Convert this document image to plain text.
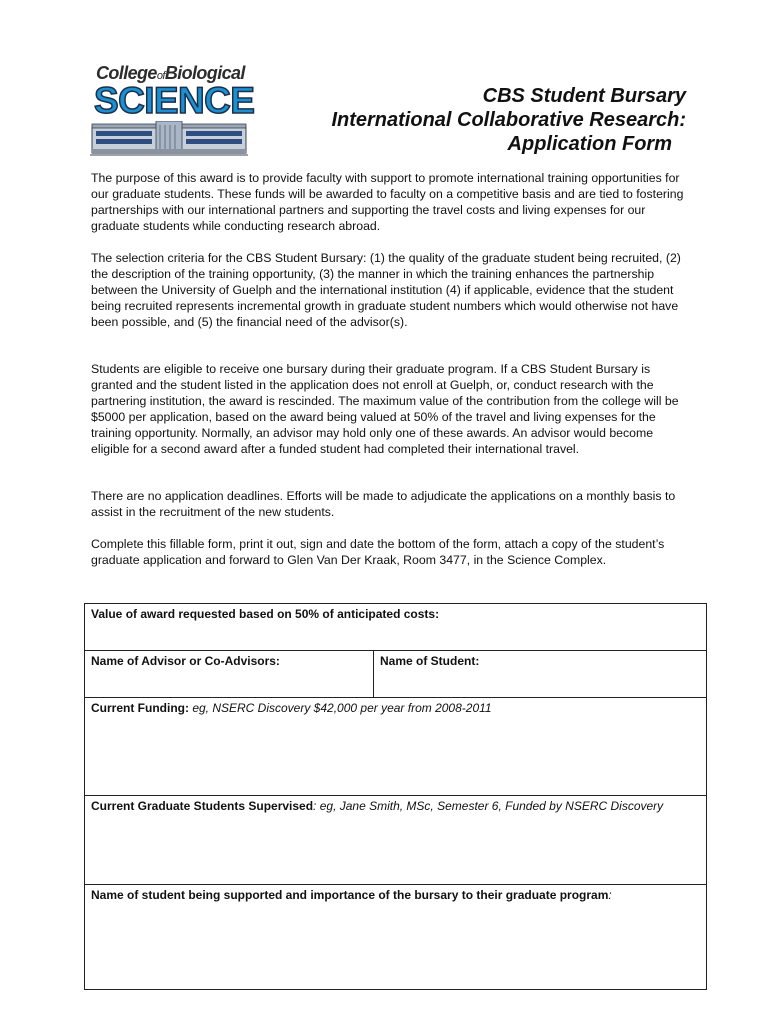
CollegeofBiological
SCIENCE	CBS Student Bursary
International Collaborative Research:
Application Form
The purpose of this award is to provide faculty with support to promote international training opportunities for our graduate students. These funds will be awarded to faculty on a competitive basis and are tied to fostering partnerships with our international partners and supporting the travel costs and living expenses for our graduate students while conducting research abroad.
The selection criteria for the CBS Student Bursary: (1) the quality of the graduate student being recruited, (2) the description of the training opportunity, (3) the manner in which the training enhances the partnership between the University of Guelph and the international institution (4) if applicable, evidence that the student being recruited represents incremental growth in graduate student numbers which would otherwise not have been possible, and (5) the financial need of the advisor(s).
Students are eligible to receive one bursary during their graduate program. If a CBS Student Bursary is granted and the student listed in the application does not enroll at Guelph, or, conduct research with the partnering institution, the award is rescinded. The maximum value of the contribution from the college will be $5000 per application, based on the award being valued at 50% of the travel and living expenses for the training opportunity. Normally, an advisor may hold only one of these awards. An advisor would become eligible for a second award after a funded student had completed their international travel.
There are no application deadlines. Efforts will be made to adjudicate the applications on a monthly basis to assist in the recruitment of the new students.
Complete this fillable form, print it out, sign and date the bottom of the form, attach a copy of the student’s graduate application and forward to Glen Van Der Kraak, Room 3477, in the Science Complex.
Value of award requested based on 50% of anticipated costs:
Name of Advisor or Co-Advisors:	Name of Student:
Current Funding: eg, NSERC Discovery $42,000 per year from 2008-2011
Current Graduate Students Supervised: eg, Jane Smith, MSc, Semester 6, Funded by NSERC Discovery
Name of student being supported and importance of the bursary to their graduate program:
